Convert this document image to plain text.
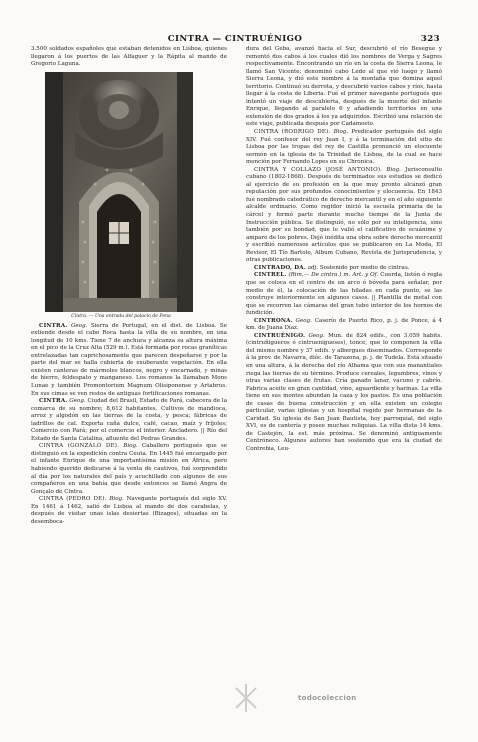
CINTRA — CINTRUÉNIGO	323

3.500 soldados españoles que estaban detenidos en Lisboa, quienes llegaron á los puertos de las Alfaguer y la Rápita al mando de Gregorio Laguna.

Cintra. — Una entrada del palacio de Pena

CINTRA. Geog. Sierra de Portugal, en el dist. de Lisboa. Se extiende desde el cabo Roca hasta la villa de su nombre, en una longitud de 10 kms. Tiene 7 de anchura y alcanza su altura máxima en el pico de la Cruz Alta (529 m.). Está formada por rocas graníticas entrelazadas tan caprichosamente que parecen despeñarse y por la parte del mar se halla cubierta de exuberante vegetación. En ella existen canteras de mármoles blancos, negro y encarnado, y minas de hierro, feldespato y manganeso. Los romanos la llamaban Mons Lunae y también Promontorium Magnum Olisiponense y Artabrus. En sus cimas se ven restos de antiguas fortificaciones romanas.

CINTRA. Geog. Ciudad del Brasil, Estado de Pará, cabecera de la comarca de su nombre; 8,612 habitantes. Cultivos de mandioca, arroz y algodón en las tierras de la costa, y pesca; fábricas de ladrillos de cal. Exporta caña dulce, café, cacao, maíz y fríjoles; Comercio con Pará; por el comercio el interior. Ancladero. || Río del Estado de Santa Catalina, afluente del Pedras Grandes.

CINTRA (GONZALO DE). Biog. Caballero portugués que se distinguió en la expedición contra Ceuta. En 1445 fué encargado por el infante Enrique de una importantísima misión en África, pero habiendo querido dedicarse á la venta de cautivos, fué sorprendido al día por los naturales del país y acuchillado con algunos de sus compañeros en una bahía que desde entonces se llamó Angra de Gonçalo de Cintra.

CINTRA (PEDRO DE). Biog. Navegante portugués del siglo XV. En 1461 á 1462, salió de Lisboa al mando de dos carabelas, y después de visitar unas islas desiertas (Bizagos), situadas en la desemboca-

dura del Geba, avanzó hacia el Sur, descubrió el río Besegue y remontó dos cabos á los cuales dió los nombres de Verga y Sagres respectivamente. Encontrando un río en la costa de Sierra Leona, le llamó San Vicente; denominó cabo Ledo al que vió luego y llamó Sierra Leona, y dió este nombre á la montaña que domina aquel territorio. Continuó su derrota, y descubrió varios cabos y ríos, hasta llegar á la costa de Liberia. Fué el primer navegante portugués que intentó un viaje de descubierta, después de la muerte del infante Enrique, llegando al paralelo 6 y añadiendo territorios en una extensión de dos grados á los ya adquiridos. Escribió una relación de este viaje, publicada después por Cadamosto.

CINTRA (RODRIGO DE). Biog. Predicador portugués del siglo XIV. Fué confesor del rey Juan I, y á la terminación del sitio de Lisboa por las tropas del rey de Castilla pronunció un elocuente sermón en la iglesia de la Trinidad de Lisboa, de la cual se hace mención por Fernando Lopes en su Chronica.

CINTRA Y COLLAZO (JOSÉ ANTONIO). Biog. Jurisconsulto cubano (1802-1868). Después de terminados sus estudios se dedicó al ejercicio de su profesión en la que muy pronto alcanzó gran reputación por sus profundos conocimientos y elocuencia. En 1843 fué nombrado catedrático de derecho mercantil y en el año siguiente alcalde ordinario. Como regidor inició la escuela primaria de la cárcel y formó parte durante mucho tiempo de la Junta de Instrucción pública. Se distinguió, no sólo por su inteligencia, sino también por su bondad, que le valió el calificativo de ecuánime y amparo de los pobres. Dejó inédita una obra sobre derecho mercantil y escribió numerosos artículos que se publicaron en La Moda, El Revisor, El Tío Bartolo, Album Cubano, Revista de Jurisprudencia, y otras publicaciones.

CINTRADO, DA. adj. Sostenido por medio de cintras.

CINTREL. (Rim.— De cintra.) m. Art. y Of. Cuerda, listón ó regla que se coloca en el centro de un arco ó bóveda para señalar, por medio de él, la colocación de las hiladas en cada punto, se las construye interiormente en algunos casos. || Plantilla de metal con que se recorren las cámaras del gran tubo interior de los hornos de fundición.

CINTRONA. Geog. Caserío de Puerto Rico, p. j. de Ponce, á 4 km. de Juana Díaz.

CINTRUÉNIGO. Geog. Mun. de 824 edifs., con 3,059 habits. (cintruñigueros ó cintruenigueses), tonce, que lo componen la villa del mismo nombre y 37 edifs. y albergues diseminados. Corresponde á la prov. de Navarra, dióc. de Tarazona, p. j. de Tudela. Está situado en una altura, á la derecha del río Alhama que con sus manantiales riega las tierras de su término. Produce cereales, legumbres, vinos y otras varias clases de frutas. Cría ganado lanar, vacuno y cabrío. Fabrica aceite en gran cantidad, vino, aguardiente y harinas. La villa tiene en sus montes abundan la caza y los pastos. Es una población de casas de buena construcción y en ella existen un colegio particular, varias iglesias y un hospital regido por hermanas de la Caridad. Su iglesia de San Juan Bautista, hoy parroquial, del siglo XVI, es de cantería y posee muchas reliquias. La villa dista 14 kms. de Castejón, la est. más próxima. Se denominó antiguamente Centróneco. Algunos autores han sostenido que era la ciudad de Contrebia, Leu-

todocoleccion
